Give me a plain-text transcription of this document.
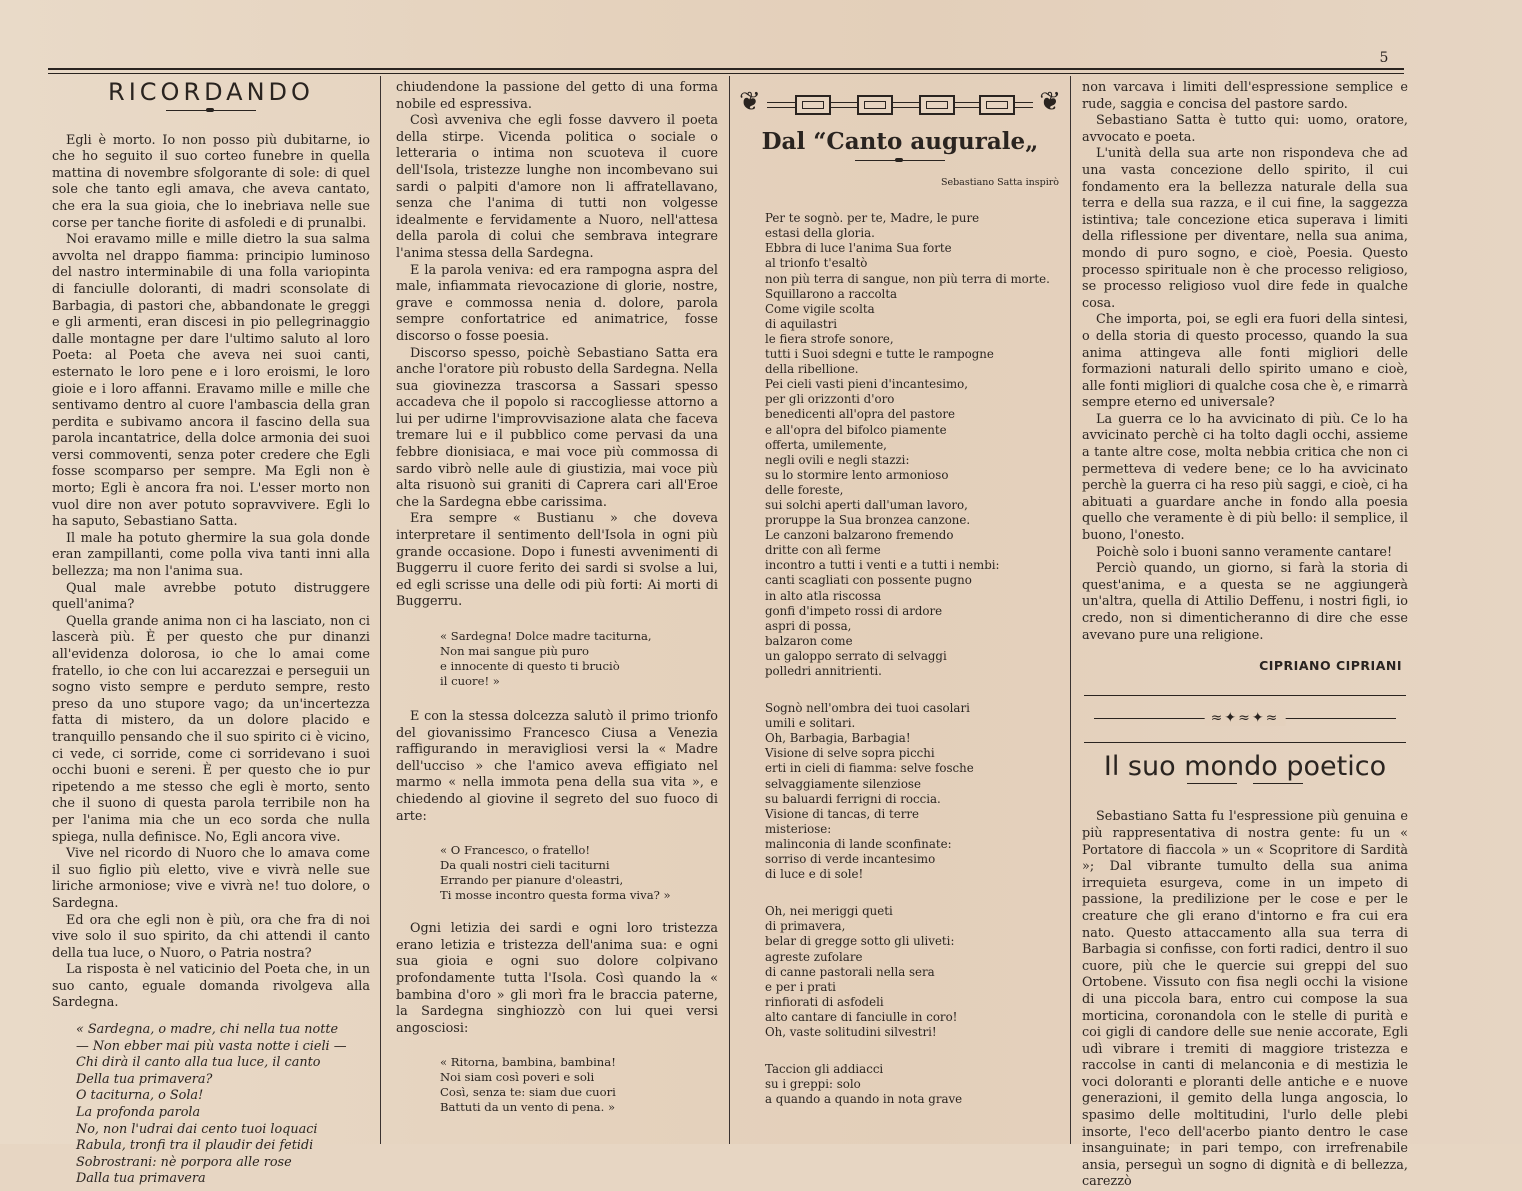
5
RICORDANDO

Egli è morto. Io non posso più dubitarne, io che ho seguito il suo corteo funebre in quella mattina di novembre sfolgorante di sole: di quel sole che tanto egli amava, che aveva cantato, che era la sua gioia, che lo inebriava nelle sue corse per tanche fiorite di asfoledi e di prunalbi.

Noi eravamo mille e mille dietro la sua salma avvolta nel drappo fiamma: principio luminoso del nastro interminabile di una folla variopinta di fanciulle doloranti, di madri sconsolate di Barbagia, di pastori che, abbandonate le greggi e gli armenti, eran discesi in pio pellegrinaggio dalle montagne per dare l'ultimo saluto al loro Poeta: al Poeta che aveva nei suoi canti, esternato le loro pene e i loro eroismi, le loro gioie e i loro affanni. Eravamo mille e mille che sentivamo dentro al cuore l'ambascia della gran perdita e subivamo ancora il fascino della sua parola incantatrice, della dolce armonia dei suoi versi commoventi, senza poter credere che Egli fosse scomparso per sempre. Ma Egli non è morto; Egli è ancora fra noi. L'esser morto non vuol dire non aver potuto sopravvivere. Egli lo ha saputo, Sebastiano Satta.

Il male ha potuto ghermire la sua gola donde eran zampillanti, come polla viva tanti inni alla bellezza; ma non l'anima sua.

Qual male avrebbe potuto distruggere quell'anima?

Quella grande anima non ci ha lasciato, non ci lascerà più. È per questo che pur dinanzi all'evidenza dolorosa, io che lo amai come fratello, io che con lui accarezzai e perseguii un sogno visto sempre e perduto sempre, resto preso da uno stupore vago; da un'incertezza fatta di mistero, da un dolore placido e tranquillo pensando che il suo spirito ci è vicino, ci vede, ci sorride, come ci sorridevano i suoi occhi buoni e sereni. È per questo che io pur ripetendo a me stesso che egli è morto, sento che il suono di questa parola terribile non ha per l'anima mia che un eco sorda che nulla spiega, nulla definisce. No, Egli ancora vive.

Vive nel ricordo di Nuoro che lo amava come il suo figlio più eletto, vive e vivrà nelle sue liriche armoniose; vive e vivrà ne! tuo dolore, o Sardegna.

Ed ora che egli non è più, ora che fra di noi vive solo il suo spirito, da chi attendi il canto della tua luce, o Nuoro, o Patria nostra?

La risposta è nel vaticinio del Poeta che, in un suo canto, eguale domanda rivolgeva alla Sardegna.

« Sardegna, o madre, chi nella tua notte
— Non ebber mai più vasta notte i cieli —
Chi dirà il canto alla tua luce, il canto
Della tua primavera?
O taciturna, o Sola!
La profonda parola
No, non l'udrai dai cento tuoi loquaci
Rabula, tronfi tra il plaudir dei fetidi
Sobrostrani: nè porpora alle rose
Dalla tua primavera

chiudendone la passione del getto di una forma nobile ed espressiva.

Così avveniva che egli fosse davvero il poeta della stirpe. Vicenda politica o sociale o letteraria o intima non scuoteva il cuore dell'Isola, tristezze lunghe non incombevano sui sardi o palpiti d'amore non li affratellavano, senza che l'anima di tutti non volgesse idealmente e fervidamente a Nuoro, nell'attesa della parola di colui che sembrava integrare l'anima stessa della Sardegna.

E la parola veniva: ed era rampogna aspra del male, infiammata rievocazione di glorie, nostre, grave e commossa nenia d. dolore, parola sempre confortatrice ed animatrice, fosse discorso o fosse poesia.

Discorso spesso, poichè Sebastiano Satta era anche l'oratore più robusto della Sardegna. Nella sua giovinezza trascorsa a Sassari spesso accadeva che il popolo si raccogliesse attorno a lui per udirne l'improvvisazione alata che faceva tremare lui e il pubblico come pervasi da una febbre dionisiaca, e mai voce più commossa di sardo vibrò nelle aule di giustizia, mai voce più alta risuonò sui graniti di Caprera cari all'Eroe che la Sardegna ebbe carissima.

Era sempre « Bustianu » che doveva interpretare il sentimento dell'Isola in ogni più grande occasione. Dopo i funesti avvenimenti di Buggerru il cuore ferito dei sardi si svolse a lui, ed egli scrisse una delle odi più forti: Ai morti di Buggerru.

« Sardegna! Dolce madre taciturna,
Non mai sangue più puro
e innocente di questo ti bruciò
il cuore! »

E con la stessa dolcezza salutò il primo trionfo del giovanissimo Francesco Ciusa a Venezia raffigurando in meravigliosi versi la « Madre dell'ucciso » che l'amico aveva effigiato nel marmo « nella immota pena della sua vita », e chiedendo al giovine il segreto del suo fuoco di arte:

« O Francesco, o fratello!
Da quali nostri cieli taciturni
Errando per pianure d'oleastri,
Ti mosse incontro questa forma viva? »

Ogni letizia dei sardi e ogni loro tristezza erano letizia e tristezza dell'anima sua: e ogni sua gioia e ogni suo dolore colpivano profondamente tutta l'Isola. Così quando la « bambina d'oro » gli morì fra le braccia paterne, la Sardegna singhiozzò con lui quei versi angosciosi:

« Ritorna, bambina, bambina!
Noi siam così poveri e soli
Così, senza te: siam due cuori
Battuti da un vento di pena. »
❦	❦
Dal “Canto augurale„
Sebastiano Satta inspirò
Per te sognò. per te, Madre, le pure
estasi della gloria.
Ebbra di luce l'anima Sua forte
al trionfo t'esaltò
non più terra di sangue, non più terra di morte.
Squillarono a raccolta
Come vigile scolta
di aquilastri
le fiera strofe sonore,
tutti i Suoi sdegni e tutte le rampogne
della ribellione.
Pei cieli vasti pieni d'incantesimo,
per gli orizzonti d'oro
benedicenti all'opra del pastore
e all'opra del bifolco piamente
offerta, umilemente,
negli ovili e negli stazzi:
su lo stormire lento armonioso
delle foreste,
sui solchi aperti dall'uman lavoro,
proruppe la Sua bronzea canzone.
Le canzoni balzarono fremendo
dritte con alì ferme
incontro a tutti i venti e a tutti i nembi:
canti scagliati con possente pugno
in alto atla riscossa
gonfi d'impeto rossi di ardore
aspri di possa,
balzaron come
un galoppo serrato di selvaggi
polledri annitrienti.
Sognò nell'ombra dei tuoi casolari
umili e solitari.
Oh, Barbagia, Barbagia!
Visione di selve sopra picchi
erti in cieli di fiamma: selve fosche
selvaggiamente silenziose
su baluardi ferrigni di roccia.
Visione di tancas, di terre
misteriose:
malinconia di lande sconfinate:
sorriso di verde incantesimo
di luce e di sole!
Oh, nei meriggi queti
di primavera,
belar di gregge sotto gli uliveti:
agreste zufolare
di canne pastorali nella sera
e per i prati
rinfiorati di asfodeli
alto cantare di fanciulle in coro!
Oh, vaste solitudini silvestri!
Taccion gli addiacci
su i greppi: solo
a quando a quando in nota grave

non varcava i limiti dell'espressione semplice e rude, saggia e concisa del pastore sardo.

Sebastiano Satta è tutto qui: uomo, oratore, avvocato e poeta.

L'unità della sua arte non rispondeva che ad una vasta concezione dello spirito, il cui fondamento era la bellezza naturale della sua terra e della sua razza, e il cui fine, la saggezza istintiva; tale concezione etica superava i limiti della riflessione per diventare, nella sua anima, mondo di puro sogno, e cioè, Poesia. Questo processo spirituale non è che processo religioso, se processo religioso vuol dire fede in qualche cosa.

Che importa, poi, se egli era fuori della sintesi, o della storia di questo processo, quando la sua anima attingeva alle fonti migliori delle formazioni naturali dello spirito umano e cioè, alle fonti migliori di qualche cosa che è, e rimarrà sempre eterno ed universale?

La guerra ce lo ha avvicinato di più. Ce lo ha avvicinato perchè ci ha tolto dagli occhi, assieme a tante altre cose, molta nebbia critica che non ci permetteva di vedere bene; ce lo ha avvicinato perchè la guerra ci ha reso più saggi, e cioè, ci ha abituati a guardare anche in fondo alla poesia quello che veramente è di più bello: il semplice, il buono, l'onesto.

Poichè solo i buoni sanno veramente cantare!

Perciò quando, un giorno, si farà la storia di quest'anima, e a questa se ne aggiungerà un'altra, quella di Attilio Deffenu, i nostri figli, io credo, non si dimenticheranno di dire che esse avevano pure una religione.

CIPRIANO CIPRIANI
≈✦≈✦≈
Il suo mondo poetico

Sebastiano Satta fu l'espressione più genuina e più rappresentativa di nostra gente: fu un « Portatore di fiaccola » un « Scopritore di Sardità »; Dal vibrante tumulto della sua anima irrequieta esurgeva, come in un impeto di passione, la predilizione per le cose e per le creature che gli erano d'intorno e fra cui era nato. Questo attaccamento alla sua terra di Barbagia si confisse, con forti radici, dentro il suo cuore, più che le quercie sui greppi del suo Ortobene. Vissuto con fisa negli occhi la visione di una piccola bara, entro cui compose la sua morticina, coronandola con le stelle di purità e coi gigli di candore delle sue nenie accorate, Egli udì vibrare i tremiti di maggiore tristezza e raccolse in canti di melanconia e di mestizia le voci doloranti e ploranti delle antiche e e nuove generazioni, il gemito della lunga angoscia, lo spasimo delle moltitudini, l'urlo delle plebi insorte, l'eco dell'acerbo pianto dentro le case insanguinate; in pari tempo, con irrefrenabile ansia, perseguì un sogno di dignità e di bellezza, carezzò
